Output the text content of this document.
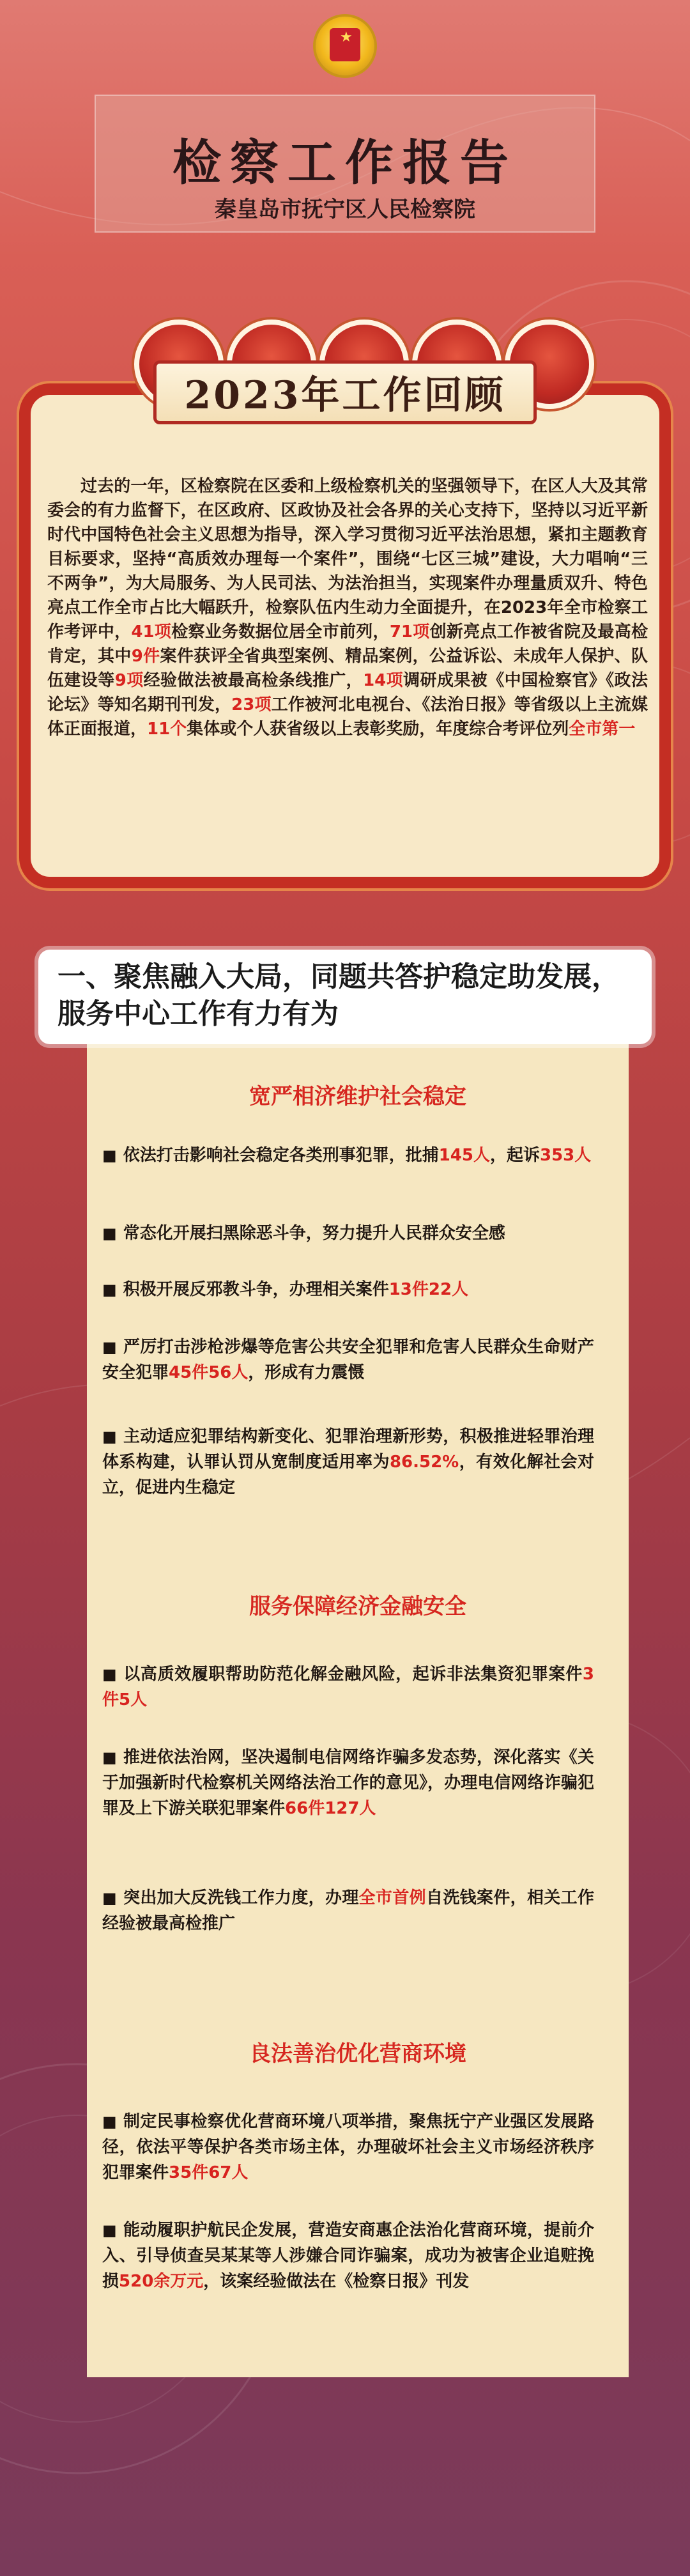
★
检察工作报告
秦皇岛市抚宁区人民检察院
2023年工作回顾
过去的一年，区检察院在区委和上级检察机关的坚强领导下，在区人大及其常委会的有力监督下，在区政府、区政协及社会各界的关心支持下，坚持以习近平新时代中国特色社会主义思想为指导，深入学习贯彻习近平法治思想，紧扣主题教育目标要求，坚持“高质效办理每一个案件”，围绕“七区三城”建设，大力唱响“三不两争”，为大局服务、为人民司法、为法治担当，实现案件办理量质双升、特色亮点工作全市占比大幅跃升，检察队伍内生动力全面提升，在2023年全市检察工作考评中，41项检察业务数据位居全市前列，71项创新亮点工作被省院及最高检肯定，其中9件案件获评全省典型案例、精品案例，公益诉讼、未成年人保护、队伍建设等9项经验做法被最高检条线推广，14项调研成果被《中国检察官》《政法论坛》等知名期刊刊发，23项工作被河北电视台、《法治日报》等省级以上主流媒体正面报道，11个集体或个人获省级以上表彰奖励，年度综合考评位列全市第一
一、聚焦融入大局，同题共答护稳定助发展，服务中心工作有力有为
宽严相济维护社会稳定
■ 依法打击影响社会稳定各类刑事犯罪，批捕145人，起诉353人
■ 常态化开展扫黑除恶斗争，努力提升人民群众安全感
■ 积极开展反邪教斗争，办理相关案件13件22人
■ 严厉打击涉枪涉爆等危害公共安全犯罪和危害人民群众生命财产安全犯罪45件56人，形成有力震慑
■ 主动适应犯罪结构新变化、犯罪治理新形势，积极推进轻罪治理体系构建，认罪认罚从宽制度适用率为86.52%，有效化解社会对立，促进内生稳定
服务保障经济金融安全
■ 以高质效履职帮助防范化解金融风险，起诉非法集资犯罪案件3件5人
■ 推进依法治网，坚决遏制电信网络诈骗多发态势，深化落实《关于加强新时代检察机关网络法治工作的意见》，办理电信网络诈骗犯罪及上下游关联犯罪案件66件127人
■ 突出加大反洗钱工作力度，办理全市首例自洗钱案件，相关工作经验被最高检推广
良法善治优化营商环境
■ 制定民事检察优化营商环境八项举措，聚焦抚宁产业强区发展路径，依法平等保护各类市场主体，办理破坏社会主义市场经济秩序犯罪案件35件67人
■ 能动履职护航民企发展，营造安商惠企法治化营商环境，提前介入、引导侦查吴某某等人涉嫌合同诈骗案，成功为被害企业追赃挽损520余万元，该案经验做法在《检察日报》刊发
